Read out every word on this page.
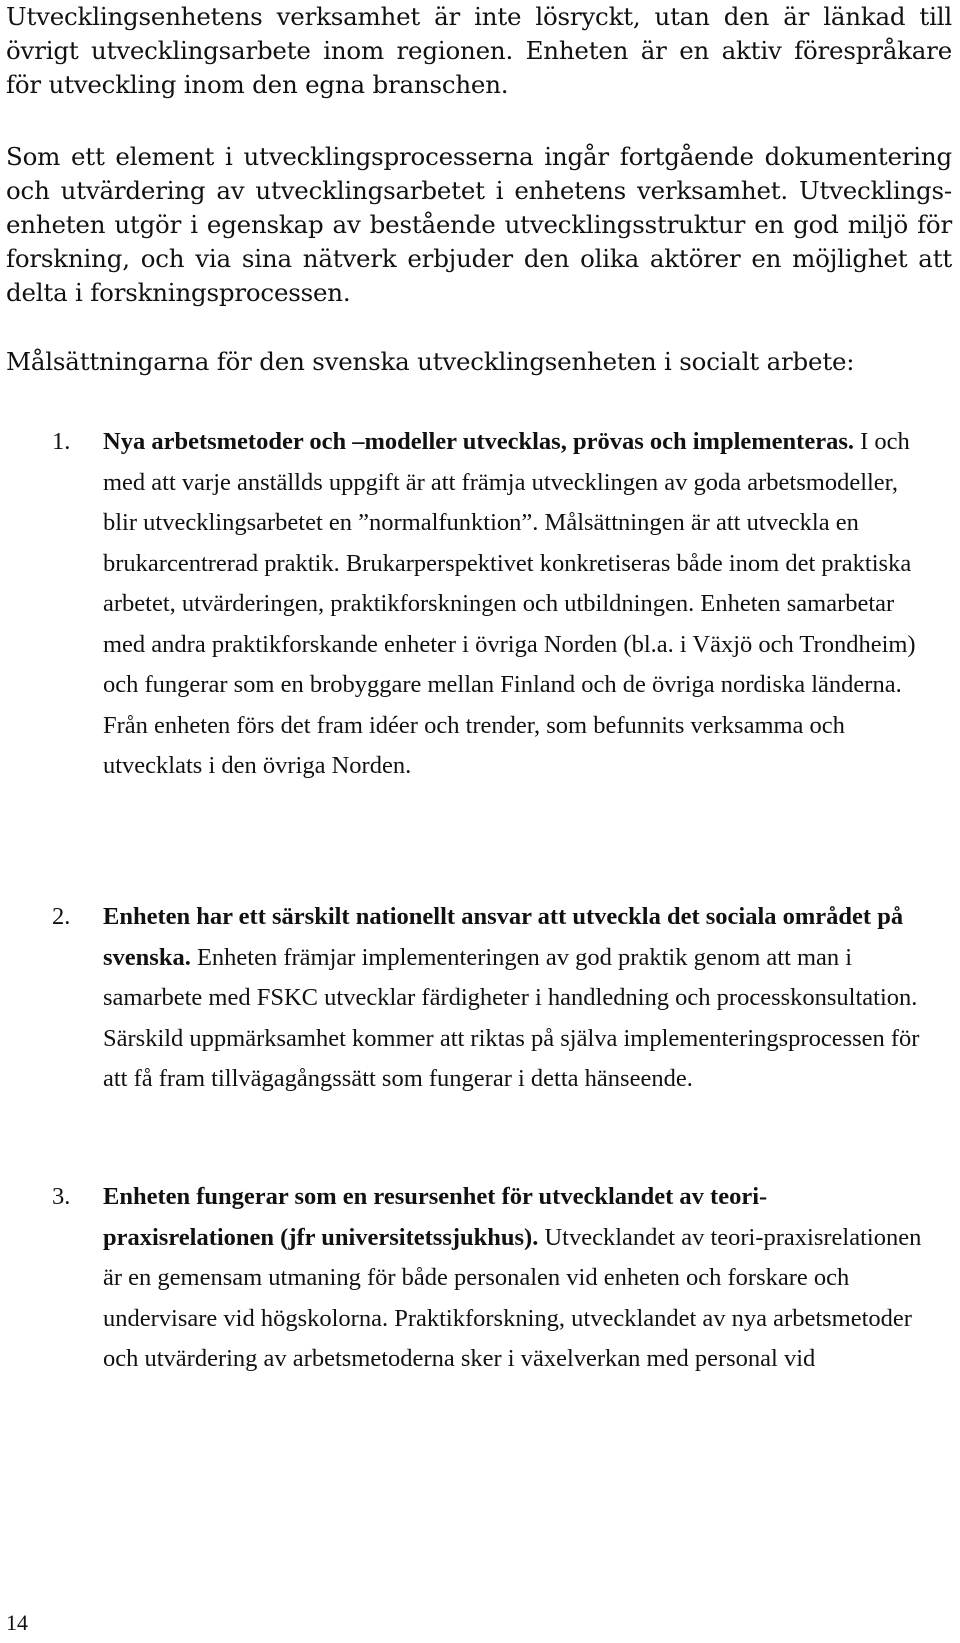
Utvecklingsenhetens verksamhet är inte lösryckt, utan den är länkad till övrigt utvecklingsarbete inom regionen. Enheten är en aktiv förespråkare för utveckling inom den egna branschen.

Som ett element i utvecklingsprocesserna ingår fortgående dokumentering och utvärdering av utvecklingsarbetet i enhetens verksamhet. Utvecklings-enheten utgör i egenskap av bestående utvecklingsstruktur en god miljö för forskning, och via sina nätverk erbjuder den olika aktörer en möjlighet att delta i forskningsprocessen.

Målsättningarna för den svenska utvecklingsenheten i socialt arbete:

1. Nya arbetsmetoder och –modeller utvecklas, prövas och implementeras. I och med att varje anställds uppgift är att främja utvecklingen av goda arbetsmodeller, blir utvecklingsarbetet en ”normalfunktion”. Målsättningen är att utveckla en brukarcentrerad praktik. Brukarperspektivet konkretiseras både inom det praktiska arbetet, utvärderingen, praktikforskningen och utbildningen. Enheten samarbetar med andra praktikforskande enheter i övriga Norden (bl.a. i Växjö och Trondheim) och fungerar som en brobyggare mellan Finland och de övriga nordiska länderna. Från enheten förs det fram idéer och trender, som befunnits verksamma och utvecklats i den övriga Norden.

2. Enheten har ett särskilt nationellt ansvar att utveckla det sociala området på svenska. Enheten främjar implementeringen av god praktik genom att man i samarbete med FSKC utvecklar färdigheter i handledning och processkonsultation. Särskild uppmärksamhet kommer att riktas på själva implementeringsprocessen för att få fram tillvägagångssätt som fungerar i detta hänseende.

3. Enheten fungerar som en resursenhet för utvecklandet av teori-praxisrelationen (jfr universitetssjukhus). Utvecklandet av teori-praxisrelationen är en gemensam utmaning för både personalen vid enheten och forskare och undervisare vid högskolorna. Praktikforskning, utvecklandet av nya arbetsmetoder och utvärdering av arbetsmetoderna sker i växelverkan med personal vid

14
